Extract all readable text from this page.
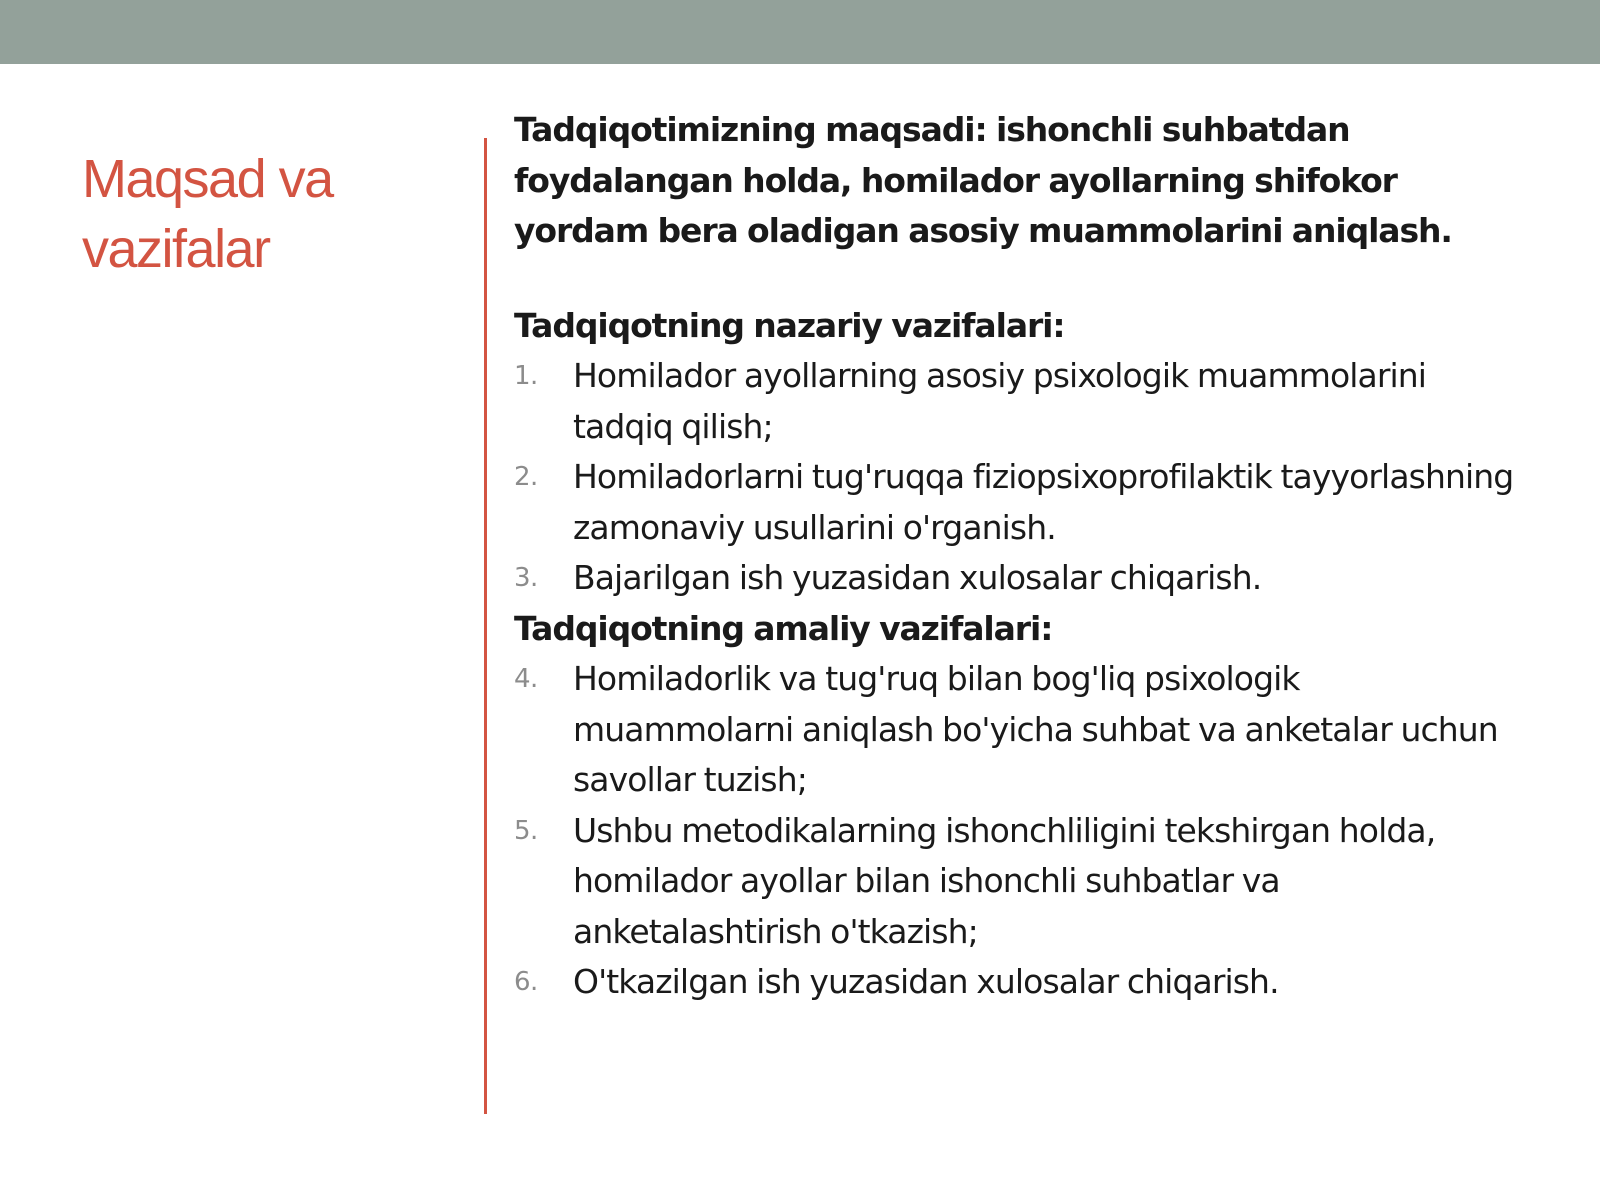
Maqsad va vazifalar

Tadqiqotimizning maqsadi: ishonchli suhbatdan foydalangan holda, homilador ayollarning shifokor yordam bera oladigan asosiy muammolarini aniqlash.

Tadqiqotning nazariy vazifalari:

1.	Homilador ayollarning asosiy psixologik muammolarini tadqiq qilish;
2.	Homiladorlarni tug'ruqqa fiziopsixoprofilaktik tayyorlashning zamonaviy usullarini o'rganish.
3.	Bajarilgan ish yuzasidan xulosalar chiqarish.

Tadqiqotning amaliy vazifalari:

4.	Homiladorlik va tug'ruq bilan bog'liq psixologik muammolarni aniqlash bo'yicha suhbat va anketalar uchun savollar tuzish;
5.	Ushbu metodikalarning ishonchliligini tekshirgan holda, homilador ayollar bilan ishonchli suhbatlar va anketalashtirish o'tkazish;
6.	O'tkazilgan ish yuzasidan xulosalar chiqarish.
